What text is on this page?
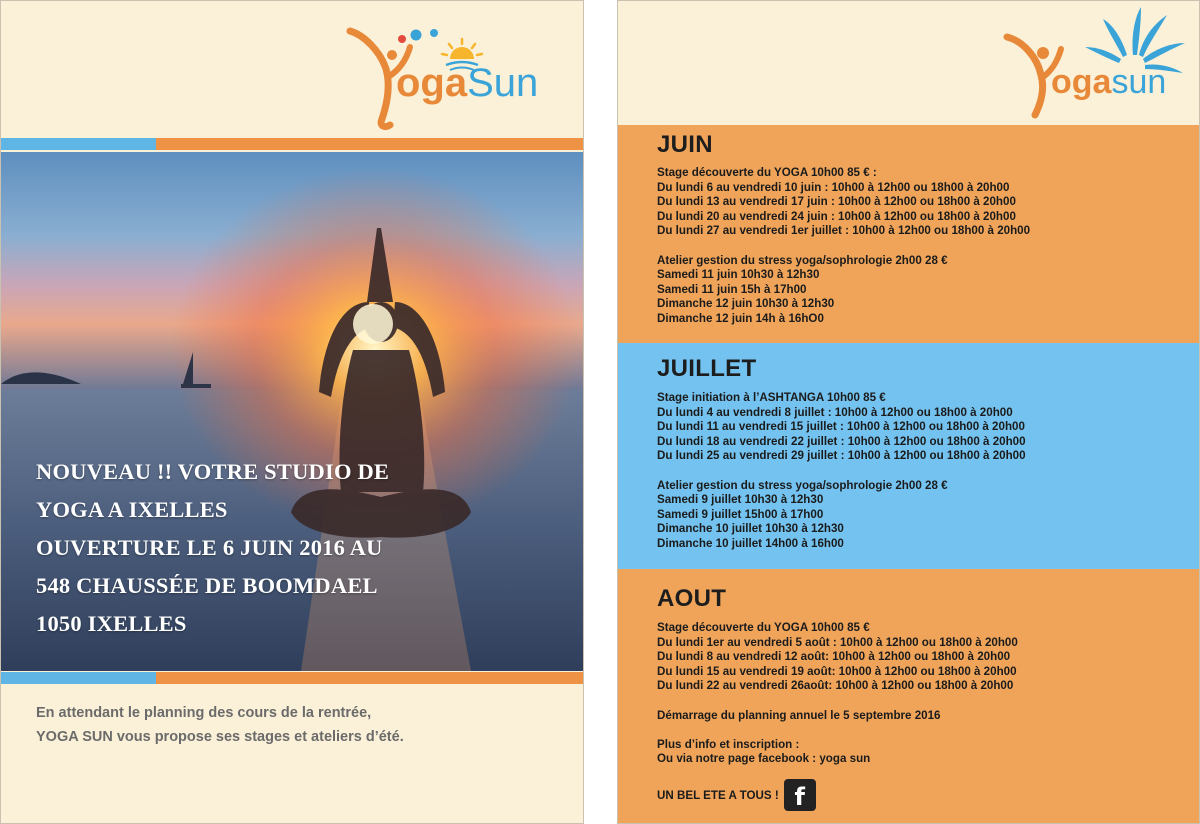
ogaSun
NOUVEAU !! VOTRE STUDIO DE
YOGA A IXELLES
OUVERTURE LE 6 JUIN 2016 AU
548 CHAUSSÉE DE BOOMDAEL
1050 IXELLES
En attendant le planning des cours de la rentrée,
YOGA SUN vous propose ses stages et ateliers d’été.
ogasun
JUIN
Stage découverte du YOGA 10h00 85 € :
Du lundi 6 au vendredi 10 juin : 10h00 à 12h00 ou 18h00 à 20h00
Du lundi 13 au vendredi 17 juin : 10h00 à 12h00 ou 18h00 à 20h00
Du lundi 20 au vendredi 24 juin : 10h00 à 12h00 ou 18h00 à 20h00
Du lundi 27 au vendredi 1er juillet : 10h00 à 12h00 ou 18h00 à 20h00
Atelier gestion du stress yoga/sophrologie 2h00 28 €
Samedi 11 juin 10h30 à 12h30
Samedi 11 juin 15h à 17h00
Dimanche 12 juin 10h30 à 12h30
Dimanche 12 juin 14h à 16hO0
JUILLET
Stage initiation à l’ASHTANGA 10h00 85 €
Du lundi 4 au vendredi 8 juillet : 10h00 à 12h00 ou 18h00 à 20h00
Du lundi 11 au vendredi 15 juillet : 10h00 à 12h00 ou 18h00 à 20h00
Du lundi 18 au vendredi 22 juillet : 10h00 à 12h00 ou 18h00 à 20h00
Du lundi 25 au vendredi 29 juillet : 10h00 à 12h00 ou 18h00 à 20h00
Atelier gestion du stress yoga/sophrologie 2h00 28 €
Samedi 9 juillet 10h30 à 12h30
Samedi 9 juillet 15h00 à 17h00
Dimanche 10 juillet 10h30 à 12h30
Dimanche 10 juillet 14h00 à 16h00
AOUT
Stage découverte du YOGA 10h00 85 €
Du lundi 1er au vendredi 5 août : 10h00 à 12h00 ou 18h00 à 20h00
Du lundi 8 au vendredi 12 août: 10h00 à 12h00 ou 18h00 à 20h00
Du lundi 15 au vendredi 19 août: 10h00 à 12h00 ou 18h00 à 20h00
Du lundi 22 au vendredi 26août: 10h00 à 12h00 ou 18h00 à 20h00
Démarrage du planning annuel le 5 septembre 2016
Plus d’info et inscription :
Ou via notre page facebook : yoga sun
UN BEL ETE A TOUS ! f
